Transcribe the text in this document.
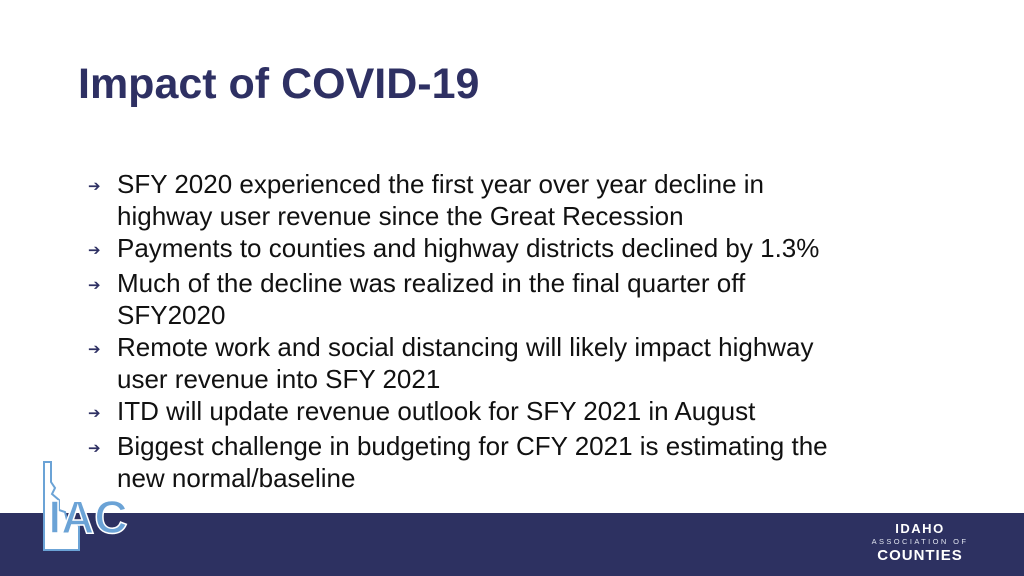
Impact of COVID-19
➔ SFY 2020 experienced the first year over year decline in
highway user revenue since the Great Recession
➔ Payments to counties and highway districts declined by 1.3%
➔ Much of the decline was realized in the final quarter off
SFY2020
➔ Remote work and social distancing will likely impact highway
user revenue into SFY 2021
➔ ITD will update revenue outlook for SFY 2021 in August
➔ Biggest challenge in budgeting for CFY 2021 is estimating the
new normal/baseline
IAC	IDAHO
ASSOCIATION OF
COUNTIES
